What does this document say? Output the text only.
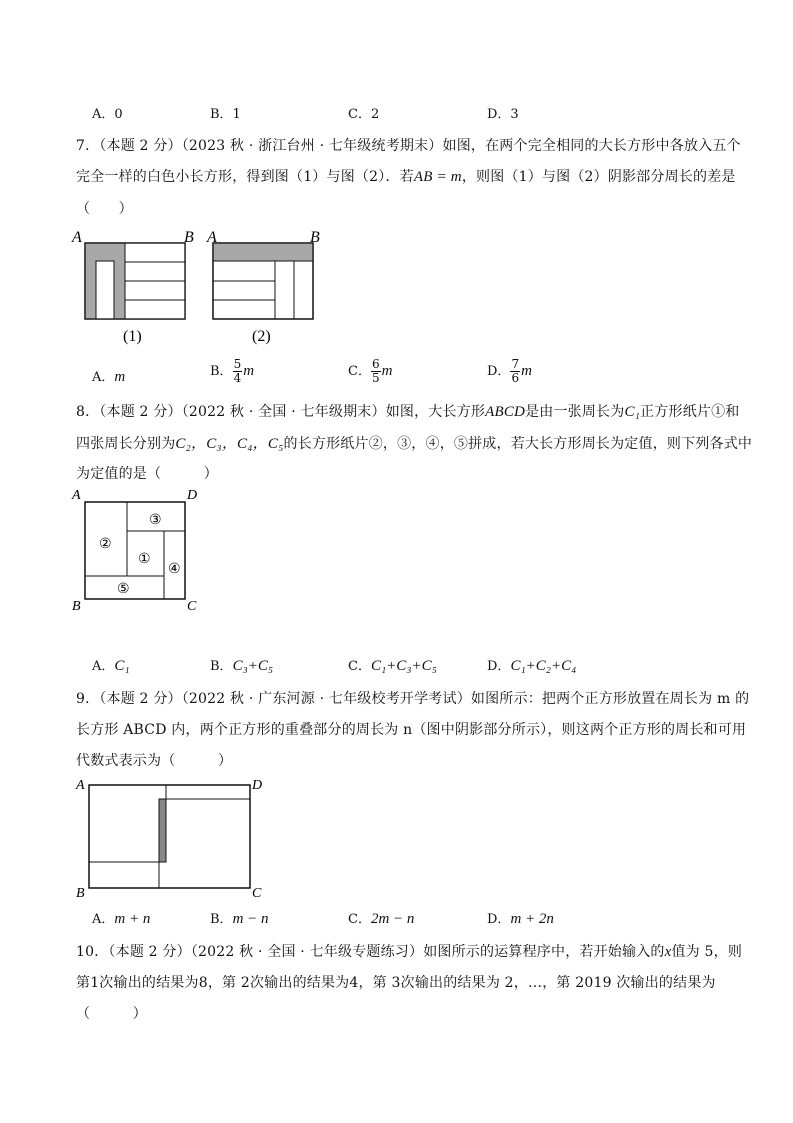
A．0	B．1	C．2	D．3
7．（本题 2 分）（2023 秋 · 浙江台州 · 七年级统考期末）如图，在两个完全相同的大长方形中各放入五个
完全一样的白色小长方形，得到图（1）与图（2）．若AB = m，则图（1）与图（2）阴影部分周长的差是
（　　）
A	B
(1)
A	B
(2)
A．m	B． $\frac{5}{4}$ m	C． $\frac{6}{5}$ m	D． $\frac{7}{6}$ m
8．（本题 2 分）（2022 秋 · 全国 · 七年级期末）如图，大长方形ABCD是由一张周长为C₁正方形纸片①和
四张周长分别为C₂，C₃，C₄，C₅的长方形纸片②，③，④，⑤拼成，若大长方形周长为定值，则下列各式中
为定值的是（　　　）
A	D
B	C
②
③
①
④
⑤
A．C₁	B．C₃+C₅	C．C₁+C₃+C₅	D．C₁+C₂+C₄
9．（本题 2 分）（2022 秋 · 广东河源 · 七年级校考开学考试）如图所示：把两个正方形放置在周长为 m 的
长方形 ABCD 内，两个正方形的重叠部分的周长为 n（图中阴影部分所示），则这两个正方形的周长和可用
代数式表示为（　　　）
A	D
B	C
A．m + n	B．m − n	C．2m − n	D．m + 2n
10．（本题 2 分）（2022 秋 · 全国 · 七年级专题练习）如图所示的运算程序中，若开始输入的x值为 5，则
第1次输出的结果为8，第 2次输出的结果为4，第 3次输出的结果为 2，…，第 2019 次输出的结果为
（　　　）
